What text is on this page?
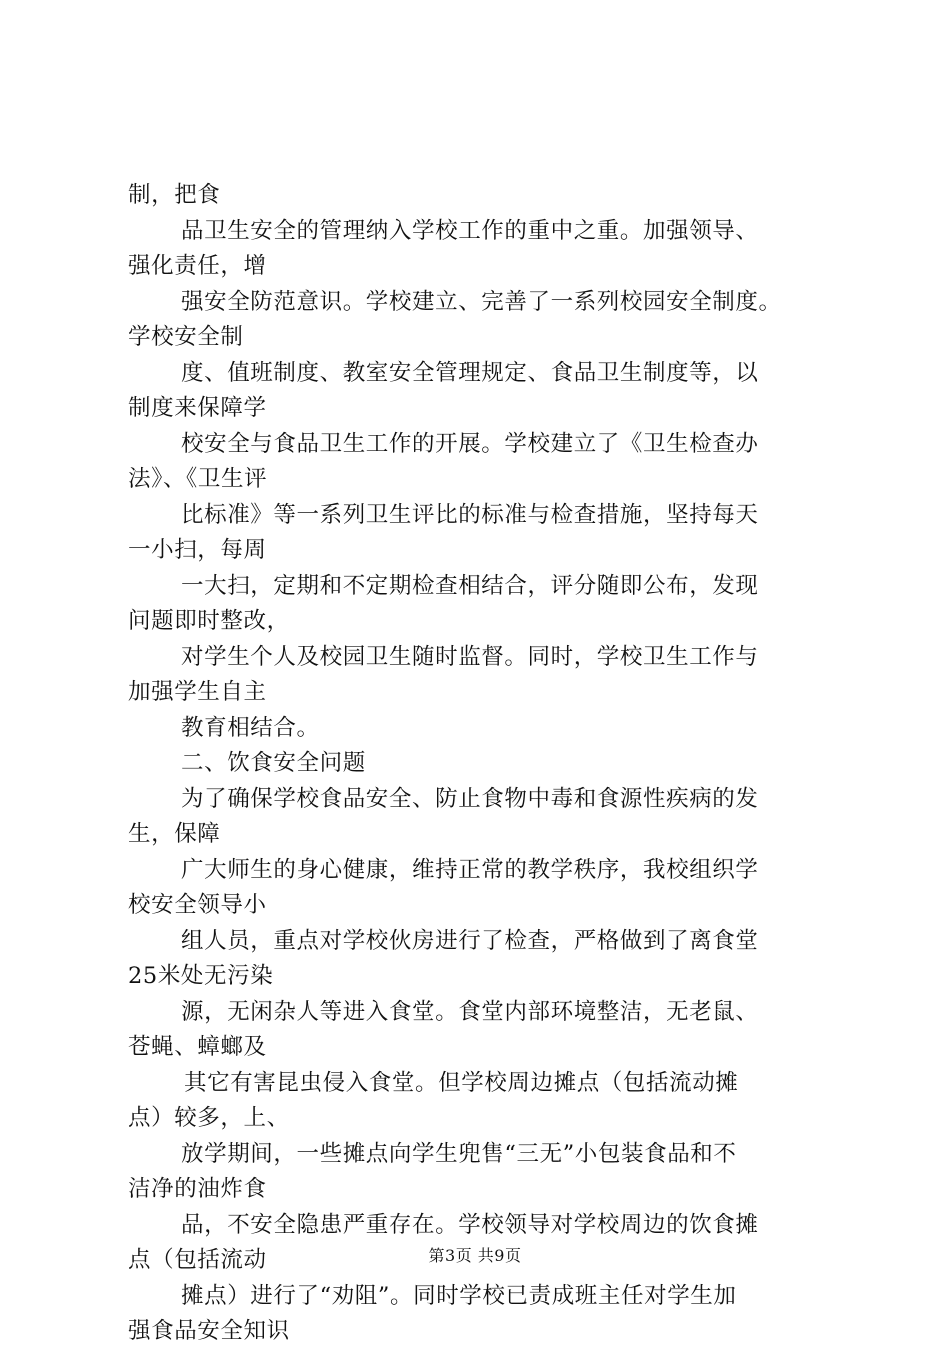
制，把食
品卫生安全的管理纳入学校工作的重中之重。加强领导、
强化责任，增
强安全防范意识。学校建立、完善了一系列校园安全制度。
学校安全制
度、值班制度、教室安全管理规定、食品卫生制度等，以
制度来保障学
校安全与食品卫生工作的开展。学校建立了《卫生检查办
法》、《卫生评
比标准》等一系列卫生评比的标准与检查措施，坚持每天
一小扫，每周
一大扫，定期和不定期检查相结合，评分随即公布，发现
问题即时整改，
对学生个人及校园卫生随时监督。同时，学校卫生工作与
加强学生自主
教育相结合。
二、饮食安全问题
为了确保学校食品安全、防止食物中毒和食源性疾病的发
生，保障
广大师生的身心健康，维持正常的教学秩序，我校组织学
校安全领导小
组人员，重点对学校伙房进行了检查，严格做到了离食堂
25米处无污染
源，无闲杂人等进入食堂。食堂内部环境整洁，无老鼠、
苍蝇、蟑螂及
其它有害昆虫侵入食堂。但学校周边摊点（包括流动摊
点）较多，上、
放学期间，一些摊点向学生兜售“三无”小包装食品和不
洁净的油炸食
品，不安全隐患严重存在。学校领导对学校周边的饮食摊
点（包括流动
摊点）进行了“劝阻”。同时学校已责成班主任对学生加
强食品安全知识
第3页 共9页
